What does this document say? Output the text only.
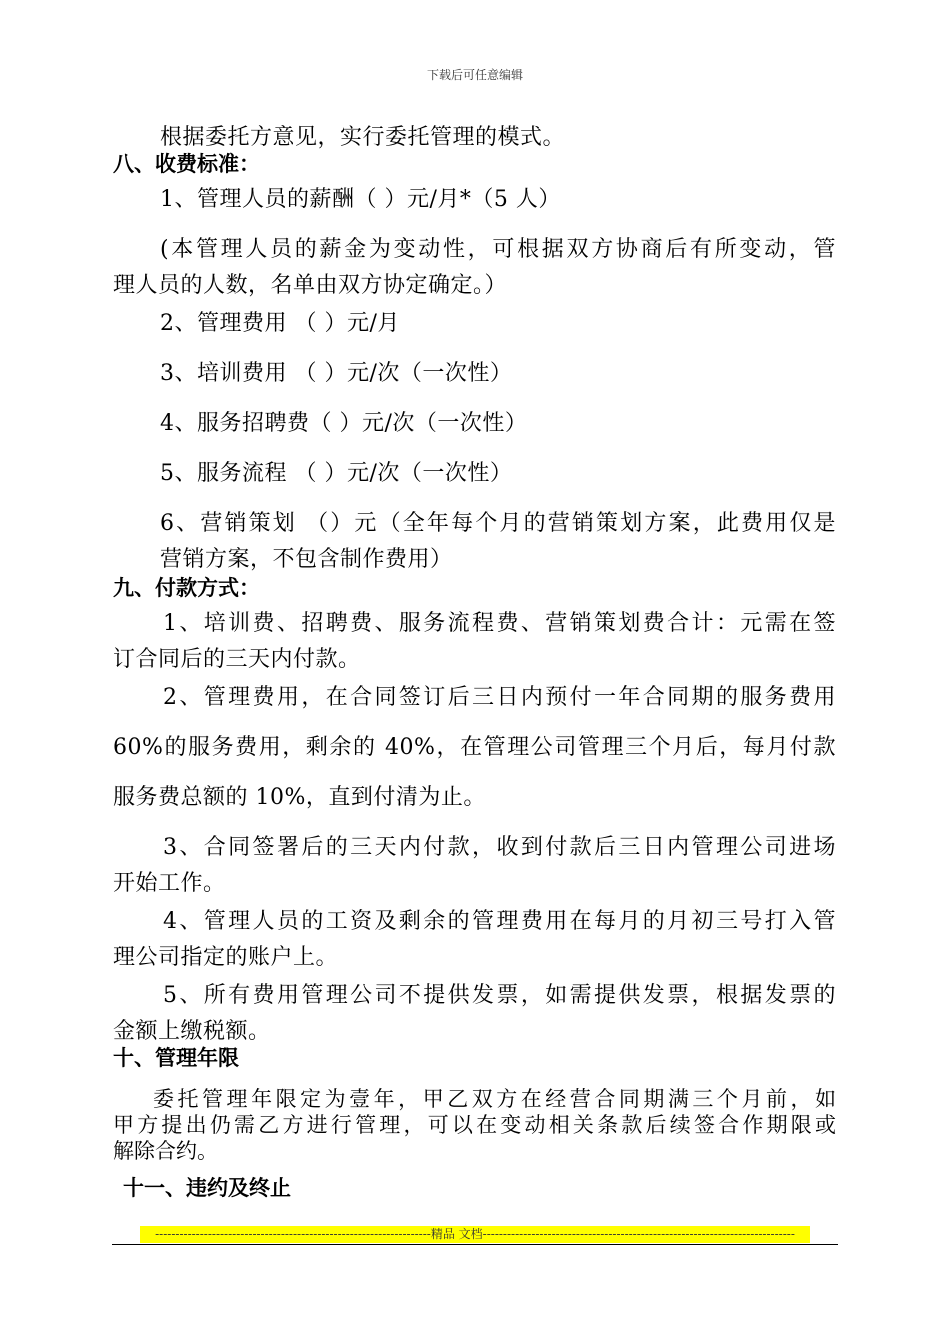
下载后可任意编辑
根据委托方意见，实行委托管理的模式。
八、收费标准：
1、管理人员的薪酬（ ）元/月*（5 人）
(本管理人员的薪金为变动性，可根据双方协商后有所变动，管
理人员的人数，名单由双方协定确定。）
2、管理费用 （ ）元/月
3、培训费用 （ ）元/次（一次性）
4、服务招聘费（ ）元/次（一次性）
5、服务流程 （ ）元/次（一次性）
6、营销策划 （）元（全年每个月的营销策划方案，此费用仅是
营销方案，不包含制作费用）
九、付款方式：
1、培训费、招聘费、服务流程费、营销策划费合计：元需在签
订合同后的三天内付款。
2、管理费用，在合同签订后三日内预付一年合同期的服务费用
60%的服务费用，剩余的 40%，在管理公司管理三个月后，每月付款
服务费总额的 10%，直到付清为止。
3、合同签署后的三天内付款，收到付款后三日内管理公司进场
开始工作。
4、管理人员的工资及剩余的管理费用在每月的月初三号打入管
理公司指定的账户上。
5、所有费用管理公司不提供发票，如需提供发票，根据发票的
金额上缴税额。
十、管理年限
委托管理年限定为壹年，甲乙双方在经营合同期满三个月前，如
甲方提出仍需乙方进行管理，可以在变动相关条款后续签合作期限或
解除合约。
十一、违约及终止
--------------------------------------------------------------------精品 文档-----------------------------------------------------------------------------
